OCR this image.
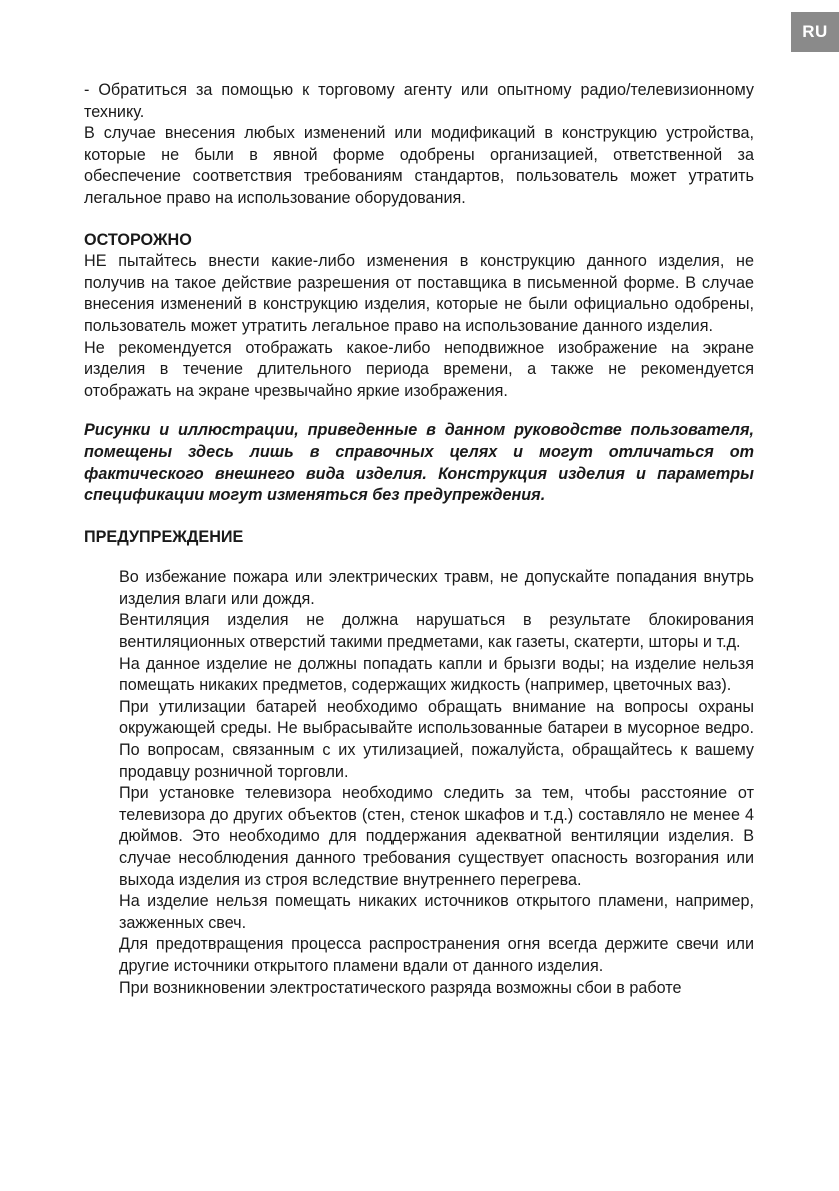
RU

- Обратиться за помощью к торговому агенту или опытному радио/телевизионному технику.

В случае внесения любых изменений или модификаций в конструкцию устройства, которые не были в явной форме одобрены организацией, ответственной за обеспечение соответствия требованиям стандартов, пользователь может утратить легальное право на использование оборудования.

ОСТОРОЖНО

НЕ пытайтесь внести какие-либо изменения в конструкцию данного изделия, не получив на такое действие разрешения от поставщика в письменной форме. В случае внесения изменений в конструкцию изделия, которые не были официально одобрены, пользователь может утратить легальное право на использование данного изделия.

Не рекомендуется отображать какое-либо неподвижное изображение на экране изделия в течение длительного периода времени, а также не рекомендуется отображать на экране чрезвычайно яркие изображения.

Рисунки и иллюстрации, приведенные в данном руководстве пользователя, помещены здесь лишь в справочных целях и могут отличаться от фактического внешнего вида изделия. Конструкция изделия и параметры спецификации могут изменяться без предупреждения.

ПРЕДУПРЕЖДЕНИЕ

Во избежание пожара или электрических травм, не допускайте попадания внутрь изделия влаги или дождя.
Вентиляция изделия не должна нарушаться в результате блокирования вентиляционных отверстий такими предметами, как газеты, скатерти, шторы и т.д.
На данное изделие не должны попадать капли и брызги воды; на изделие нельзя помещать никаких предметов, содержащих жидкость (например, цветочных ваз).
При утилизации батарей необходимо обращать внимание на вопросы охраны окружающей среды. Не выбрасывайте использованные батареи в мусорное ведро. По вопросам, связанным с их утилизацией, пожалуйста, обращайтесь к вашему продавцу розничной торговли.
При установке телевизора необходимо следить за тем, чтобы расстояние от телевизора до других объектов (стен, стенок шкафов и т.д.) составляло не менее 4 дюймов. Это необходимо для поддержания адекватной вентиляции изделия. В случае несоблюдения данного требования существует опасность возгорания или выхода изделия из строя вследствие внутреннего перегрева.
На изделие нельзя помещать никаких источников открытого пламени, например, зажженных свеч.
Для предотвращения процесса распространения огня всегда держите свечи или другие источники открытого пламени вдали от данного изделия.
При возникновении электростатического разряда возможны сбои в работе
